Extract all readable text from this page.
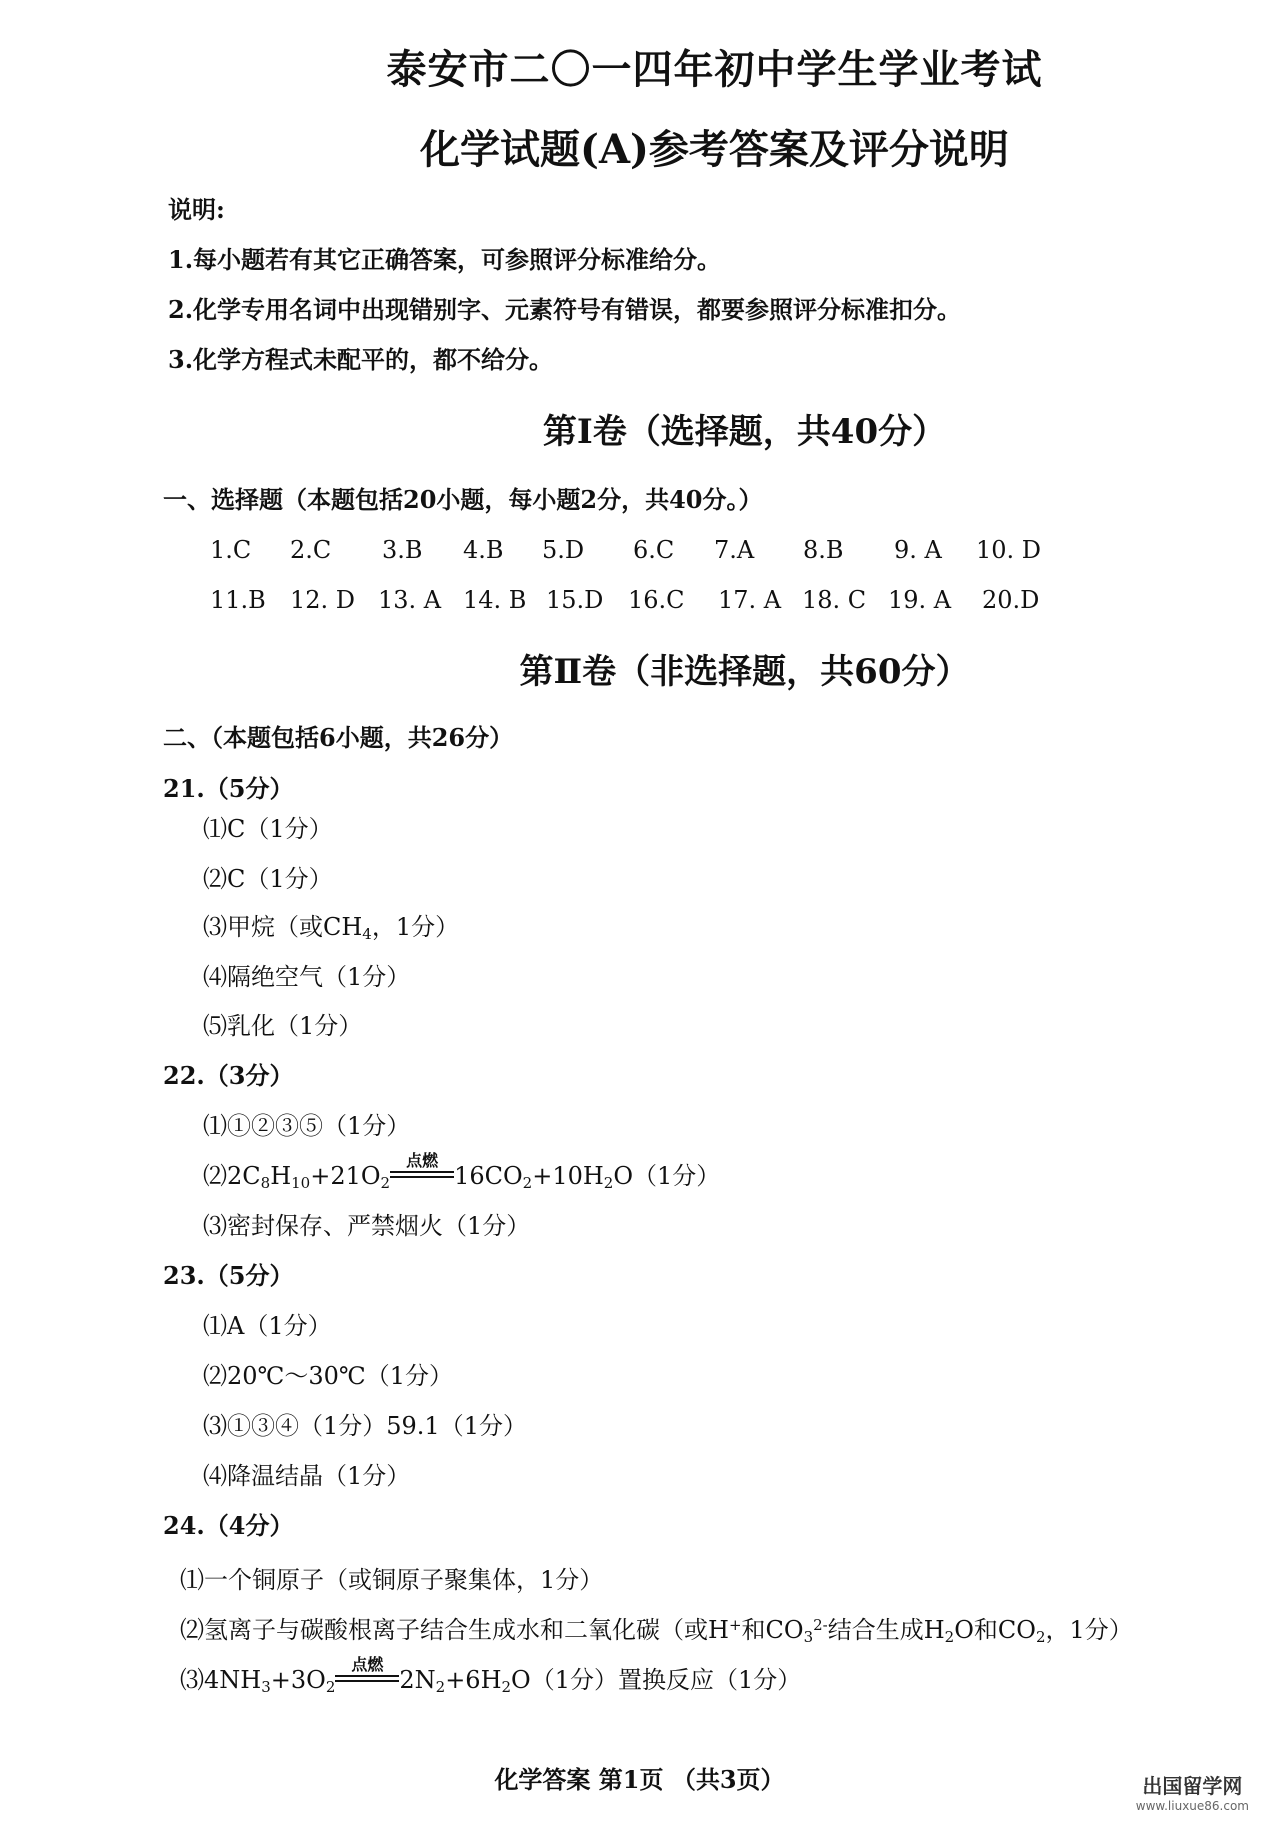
泰安市二〇一四年初中学生学业考试
化学试题(A)参考答案及评分说明
说明:
1.每小题若有其它正确答案，可参照评分标准给分。
2.化学专用名词中出现错别字、元素符号有错误，都要参照评分标准扣分。
3.化学方程式未配平的，都不给分。
第Ⅰ卷（选择题，共40分）
一、选择题（本题包括20小题，每小题2分，共40分。）
1.C 2.C 3.B 4.B 5.D 6.C 7.A 8.B 9. A 10. D
11.B 12. D 13. A 14. B 15.D 16.C 17. A 18. C 19. A 20.D
第Ⅱ卷（非选择题，共60分）
二、（本题包括6小题，共26分）
21.（5分）
⑴C（1分）
⑵C（1分）
⑶甲烷（或$CH_4$，1分）
⑷隔绝空气（1分）
⑸乳化（1分）
22.（3分）
⑴①②③⑤（1分）
$⑵2C_8H_{10}+21O_2$
点燃
$16CO_2+10H_2O(1$分）
⑶密封保存、严禁烟火（1分）
23.（5分）
⑴A（1分）
⑵20℃～30℃（1分）
⑶①③④（1分）59.1（1分）
⑷降温结晶（1分）
24.（4分）
⑴一个铜原子（或铜原子聚集体，1分）
⑵氢离子与碳酸根离子结合生成水和二氧化碳（或H+和$CO_3^{2-}$结合生成$H_2O$和$CO_2$，1分）
$⑶4NH_3+3O_2$
点燃
$2N_2+6H_2O(1$分）置换反应（1分）
化学答案 第1页 （共3页）	出国留学网
www.liuxue86.com
